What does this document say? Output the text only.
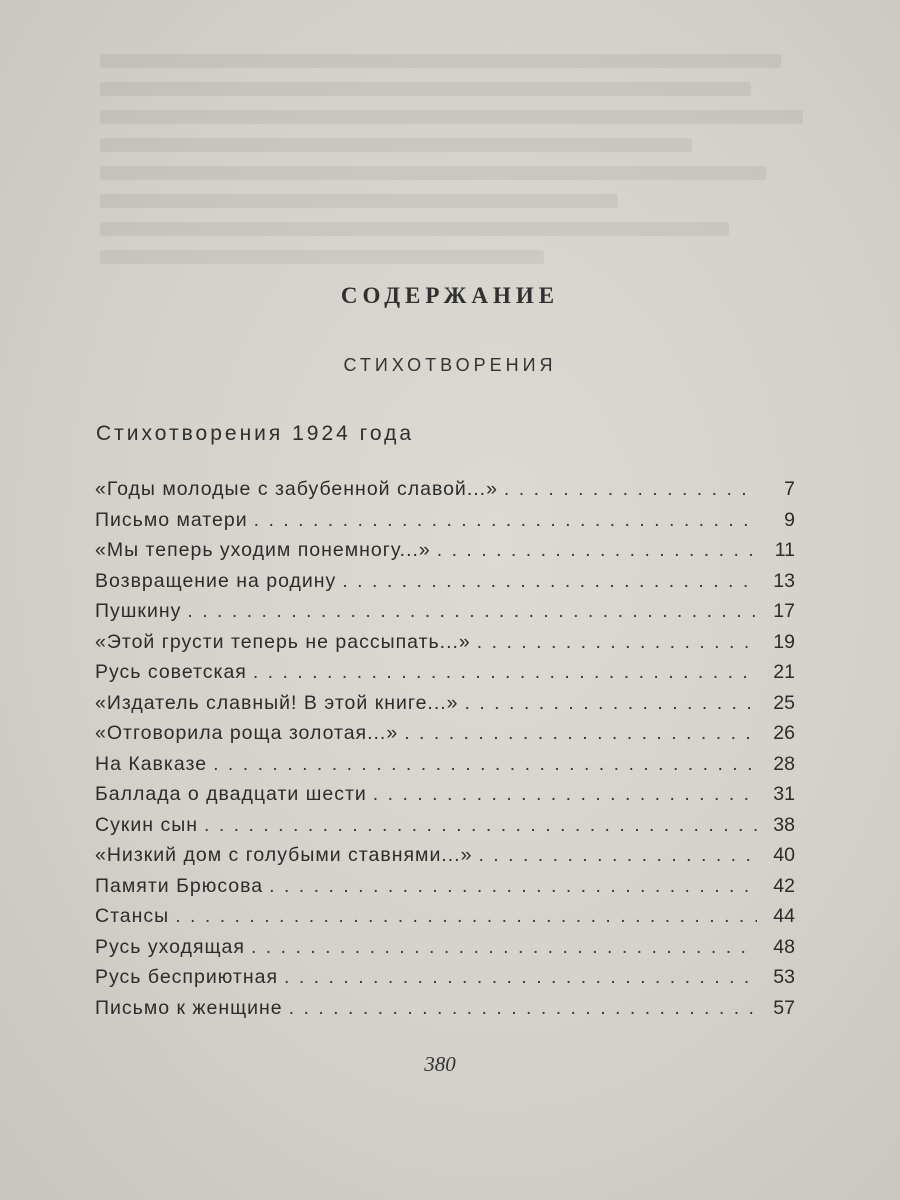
СОДЕРЖАНИЕ
СТИХОТВОРЕНИЯ
Стихотворения 1924 года
«Годы молодые с забубенной славой...» . . .	7
Письмо матери . . .	9
«Мы теперь уходим понемногу...» . . .	11
Возвращение на родину . . .	13
Пушкину . . .	17
«Этой грусти теперь не рассыпать...» . . .	19
Русь советская . . .	21
«Издатель славный! В этой книге...» . . .	25
«Отговорила роща золотая...» . . .	26
На Кавказе . . .	28
Баллада о двадцати шести . . .	31
Сукин сын . . .	38
«Низкий дом с голубыми ставнями...» . . .	40
Памяти Брюсова . . .	42
Стансы . . .	44
Русь уходящая . . .	48
Русь бесприютная . . .	53
Письмо к женщине . . .	57
380
